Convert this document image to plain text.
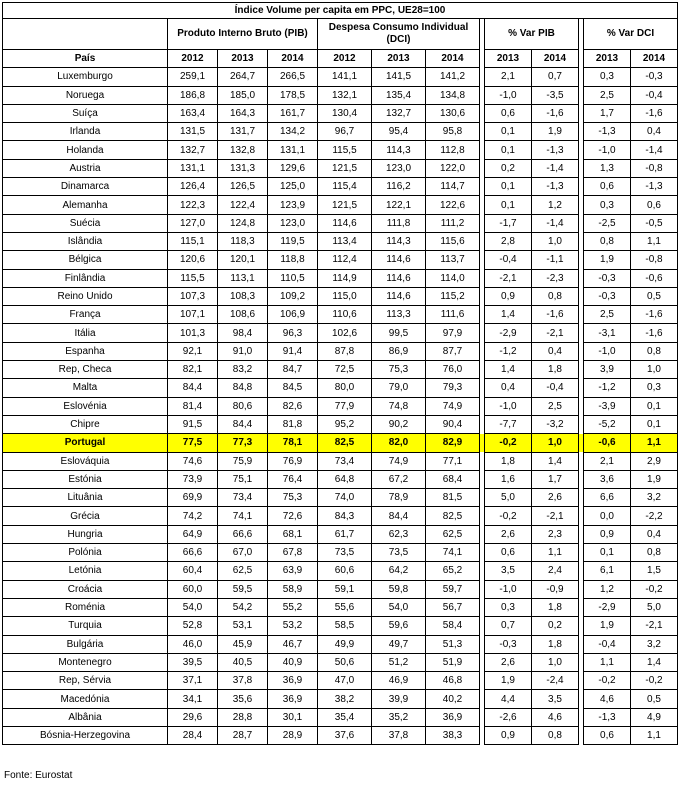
Índice Volume per capita em PPC, UE28=100												
	Produto Interno Bruto (PIB)			Despesa Consumo Individual (DCI)				% Var PIB			% Var DCI	
País	2012	2013	2014	2012	2013	2014		2013	2014		2013	2014
Luxemburgo	259,1	264,7	266,5	141,1	141,5	141,2		2,1	0,7		0,3	-0,3
Noruega	186,8	185,0	178,5	132,1	135,4	134,8		-1,0	-3,5		2,5	-0,4
Suíça	163,4	164,3	161,7	130,4	132,7	130,6		0,6	-1,6		1,7	-1,6
Irlanda	131,5	131,7	134,2	96,7	95,4	95,8		0,1	1,9		-1,3	0,4
Holanda	132,7	132,8	131,1	115,5	114,3	112,8		0,1	-1,3		-1,0	-1,4
Austria	131,1	131,3	129,6	121,5	123,0	122,0		0,2	-1,4		1,3	-0,8
Dinamarca	126,4	126,5	125,0	115,4	116,2	114,7		0,1	-1,3		0,6	-1,3
Alemanha	122,3	122,4	123,9	121,5	122,1	122,6		0,1	1,2		0,3	0,6
Suécia	127,0	124,8	123,0	114,6	111,8	111,2		-1,7	-1,4		-2,5	-0,5
Islândia	115,1	118,3	119,5	113,4	114,3	115,6		2,8	1,0		0,8	1,1
Bélgica	120,6	120,1	118,8	112,4	114,6	113,7		-0,4	-1,1		1,9	-0,8
Finlândia	115,5	113,1	110,5	114,9	114,6	114,0		-2,1	-2,3		-0,3	-0,6
Reino Unido	107,3	108,3	109,2	115,0	114,6	115,2		0,9	0,8		-0,3	0,5
França	107,1	108,6	106,9	110,6	113,3	111,6		1,4	-1,6		2,5	-1,6
Itália	101,3	98,4	96,3	102,6	99,5	97,9		-2,9	-2,1		-3,1	-1,6
Espanha	92,1	91,0	91,4	87,8	86,9	87,7		-1,2	0,4		-1,0	0,8
Rep, Checa	82,1	83,2	84,7	72,5	75,3	76,0		1,4	1,8		3,9	1,0
Malta	84,4	84,8	84,5	80,0	79,0	79,3		0,4	-0,4		-1,2	0,3
Eslovénia	81,4	80,6	82,6	77,9	74,8	74,9		-1,0	2,5		-3,9	0,1
Chipre	91,5	84,4	81,8	95,2	90,2	90,4		-7,7	-3,2		-5,2	0,1
Portugal	77,5	77,3	78,1	82,5	82,0	82,9		-0,2	1,0		-0,6	1,1
Eslováquia	74,6	75,9	76,9	73,4	74,9	77,1		1,8	1,4		2,1	2,9
Estónia	73,9	75,1	76,4	64,8	67,2	68,4		1,6	1,7		3,6	1,9
Lituânia	69,9	73,4	75,3	74,0	78,9	81,5		5,0	2,6		6,6	3,2
Grécia	74,2	74,1	72,6	84,3	84,4	82,5		-0,2	-2,1		0,0	-2,2
Hungria	64,9	66,6	68,1	61,7	62,3	62,5		2,6	2,3		0,9	0,4
Polónia	66,6	67,0	67,8	73,5	73,5	74,1		0,6	1,1		0,1	0,8
Letónia	60,4	62,5	63,9	60,6	64,2	65,2		3,5	2,4		6,1	1,5
Croácia	60,0	59,5	58,9	59,1	59,8	59,7		-1,0	-0,9		1,2	-0,2
Roménia	54,0	54,2	55,2	55,6	54,0	56,7		0,3	1,8		-2,9	5,0
Turquia	52,8	53,1	53,2	58,5	59,6	58,4		0,7	0,2		1,9	-2,1
Bulgária	46,0	45,9	46,7	49,9	49,7	51,3		-0,3	1,8		-0,4	3,2
Montenegro	39,5	40,5	40,9	50,6	51,2	51,9		2,6	1,0		1,1	1,4
Rep, Sérvia	37,1	37,8	36,9	47,0	46,9	46,8		1,9	-2,4		-0,2	-0,2
Macedónia	34,1	35,6	36,9	38,2	39,9	40,2		4,4	3,5		4,6	0,5
Albânia	29,6	28,8	30,1	35,4	35,2	36,9		-2,6	4,6		-1,3	4,9
Bósnia-Herzegovina	28,4	28,7	28,9	37,6	37,8	38,3		0,9	0,8		0,6	1,1
Fonte: Eurostat
